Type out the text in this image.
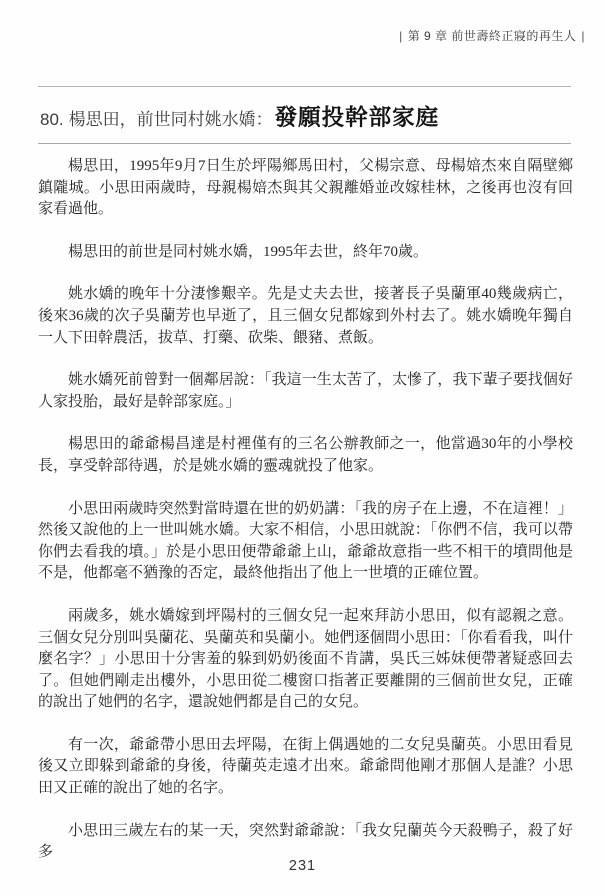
| 第 9 章 前世壽終正寢的再生人 |
80. 楊思田，前世同村姚水嬌： 發願投幹部家庭

楊思田，1995年9月7日生於坪陽鄉馬田村，父楊宗意、母楊婄杰來自隔壁鄉鎮隴城。小思田兩歲時，母親楊婄杰與其父親離婚並改嫁桂林，之後再也沒有回家看過他。

楊思田的前世是同村姚水嬌，1995年去世，終年70歲。

姚水嬌的晚年十分淒慘艱辛。先是丈夫去世，接著長子吳蘭軍40幾歲病亡，後來36歲的次子吳蘭芳也早逝了，且三個女兒都嫁到外村去了。姚水嬌晚年獨自一人下田幹農活，拔草、打藥、砍柴、餵豬、煮飯。

姚水嬌死前曾對一個鄰居說：「我這一生太苦了，太慘了，我下輩子要找個好人家投胎，最好是幹部家庭。」

楊思田的爺爺楊昌達是村裡僅有的三名公辦教師之一，他當過30年的小學校長，享受幹部待遇，於是姚水嬌的靈魂就投了他家。

小思田兩歲時突然對當時還在世的奶奶講：「我的房子在上邊，不在這裡！」然後又說他的上一世叫姚水嬌。大家不相信，小思田就說：「你們不信，我可以帶你們去看我的墳。」於是小思田便帶爺爺上山，爺爺故意指一些不相干的墳問他是不是，他都毫不猶豫的否定，最終他指出了他上一世墳的正確位置。

兩歲多，姚水嬌嫁到坪陽村的三個女兒一起來拜訪小思田，似有認親之意。三個女兒分別叫吳蘭花、吳蘭英和吳蘭小。她們逐個問小思田：「你看看我，叫什麼名字？」小思田十分害羞的躲到奶奶後面不肯講，吳氏三姊妹便帶著疑惑回去了。但她們剛走出樓外，小思田從二樓窗口指著正要離開的三個前世女兒，正確的說出了她們的名字，還說她們都是自己的女兒。

有一次，爺爺帶小思田去坪陽，在街上偶遇她的二女兒吳蘭英。小思田看見後又立即躲到爺爺的身後，待蘭英走遠才出來。爺爺問他剛才那個人是誰？小思田又正確的說出了她的名字。

小思田三歲左右的某一天，突然對爺爺說：「我女兒蘭英今天殺鴨子，殺了好多

231
